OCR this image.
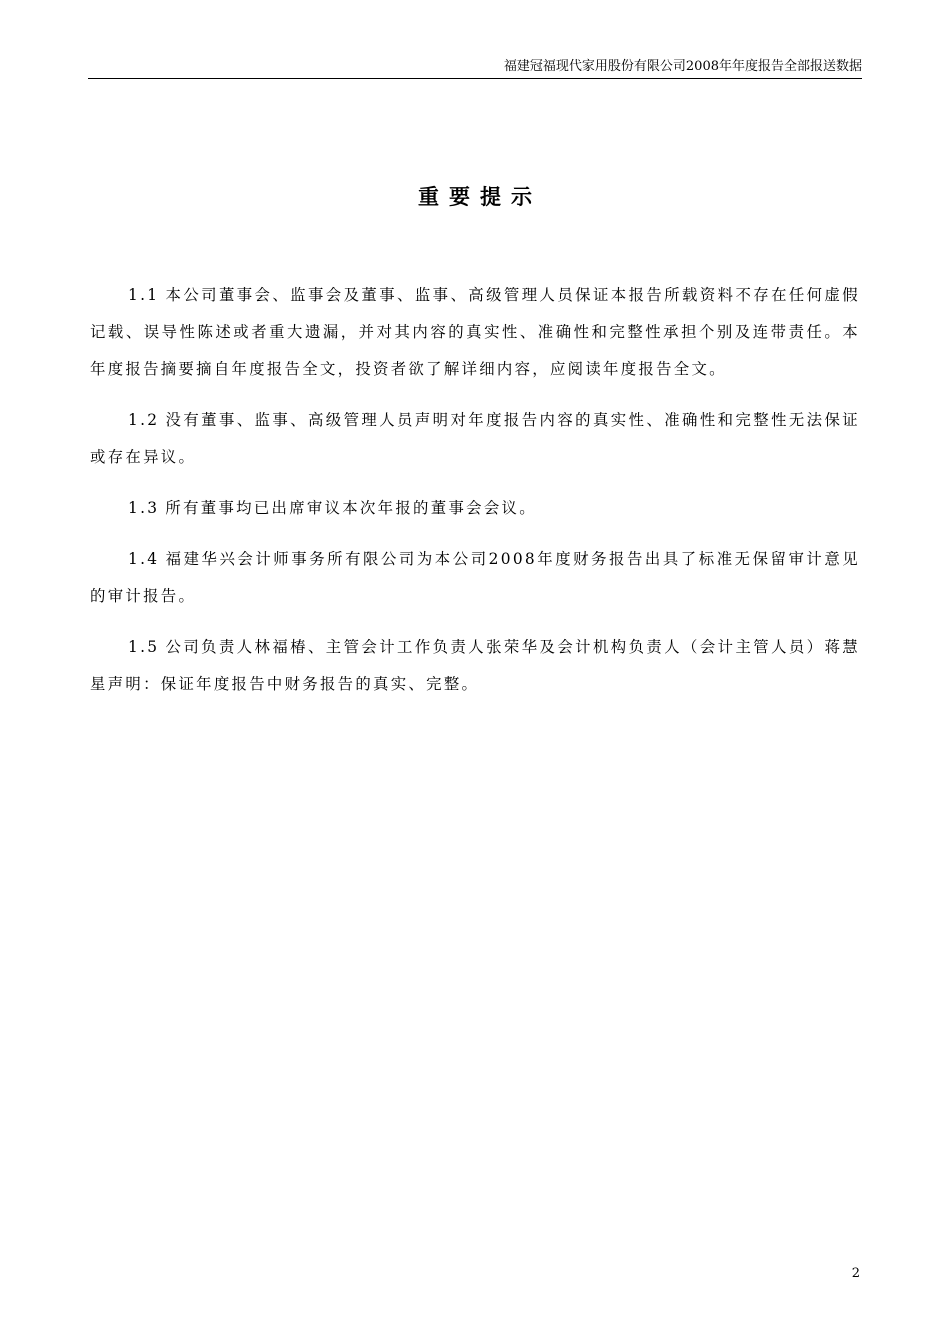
福建冠福现代家用股份有限公司2008年年度报告全部报送数据
重要提示

1.1 本公司董事会、监事会及董事、监事、高级管理人员保证本报告所载资料不存在任何虚假记载、误导性陈述或者重大遗漏，并对其内容的真实性、准确性和完整性承担个别及连带责任。本年度报告摘要摘自年度报告全文，投资者欲了解详细内容，应阅读年度报告全文。

1.2 没有董事、监事、高级管理人员声明对年度报告内容的真实性、准确性和完整性无法保证或存在异议。

1.3 所有董事均已出席审议本次年报的董事会会议。

1.4 福建华兴会计师事务所有限公司为本公司2008年度财务报告出具了标准无保留审计意见的审计报告。

1.5 公司负责人林福椿、主管会计工作负责人张荣华及会计机构负责人（会计主管人员）蒋慧星声明：保证年度报告中财务报告的真实、完整。

2
